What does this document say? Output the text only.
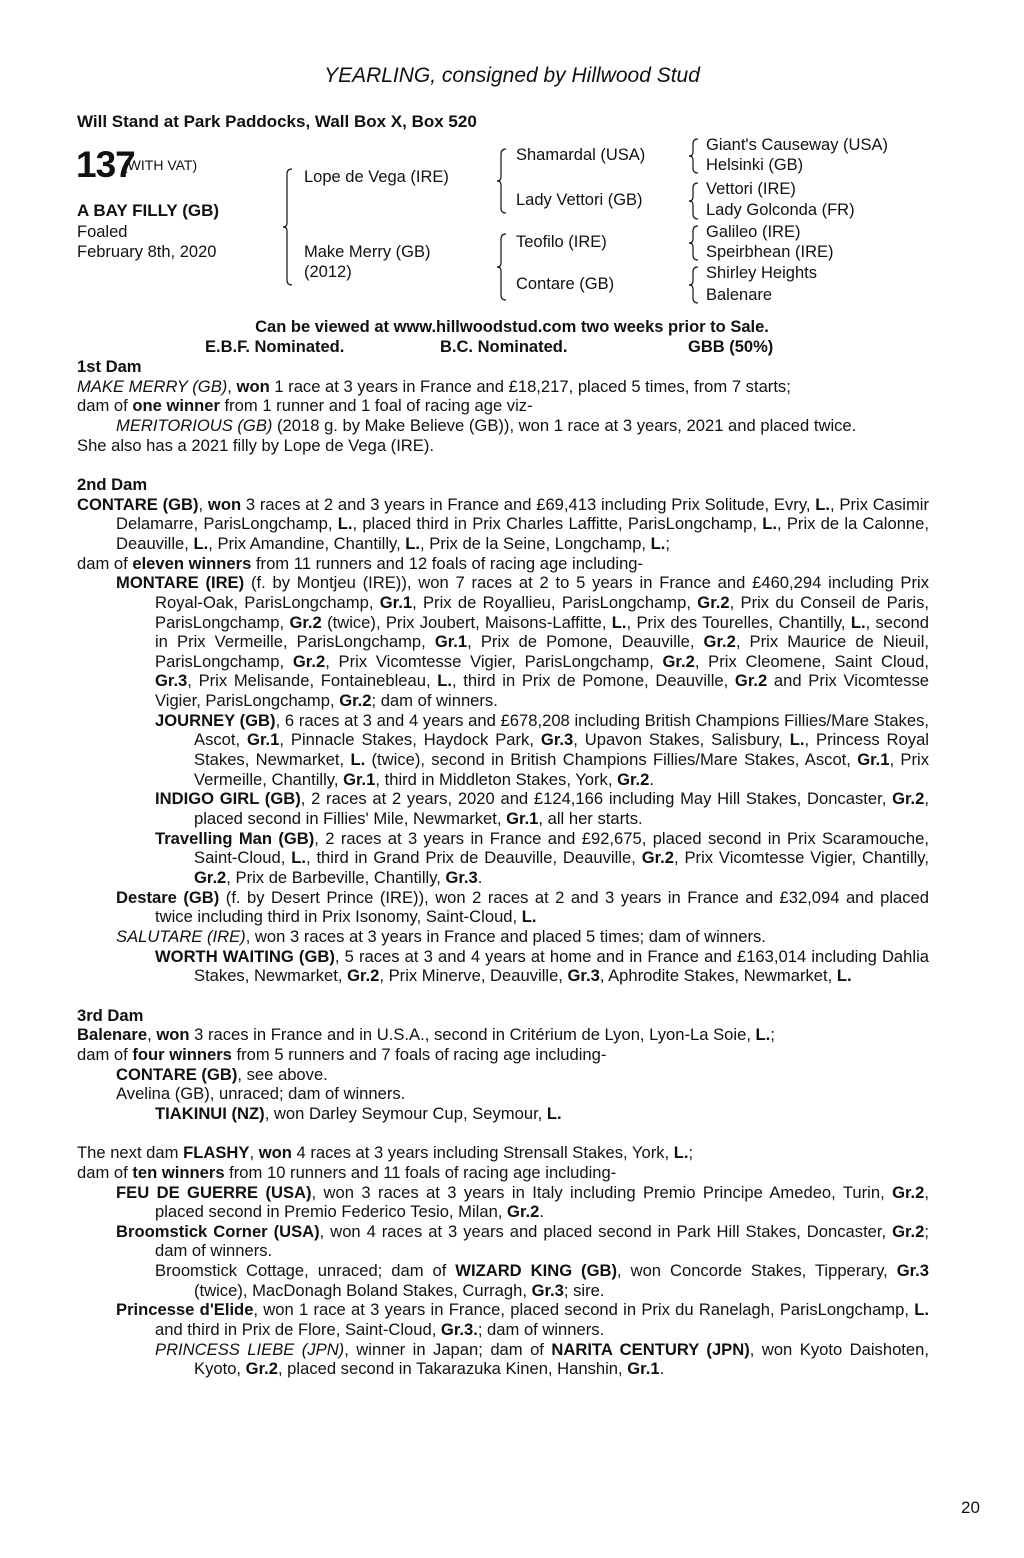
YEARLING, consigned by Hillwood Stud
Will Stand at Park Paddocks, Wall Box X, Box 520
137
(WITH VAT)
A BAY FILLY (GB)
Foaled
February 8th, 2020
Lope de Vega (IRE)
Make Merry (GB)
(2012)
Shamardal (USA)
Lady Vettori (GB)
Teofilo (IRE)
Contare (GB)
Giant's Causeway (USA)
Helsinki (GB)
Vettori (IRE)
Lady Golconda (FR)
Galileo (IRE)
Speirbhean (IRE)
Shirley Heights
Balenare
Can be viewed at www.hillwoodstud.com two weeks prior to Sale.
E.B.F. Nominated.	B.C. Nominated.	GBB (50%)
1st Dam
MAKE MERRY (GB), won 1 race at 3 years in France and £18,217, placed 5 times, from 7 starts;
dam of one winner from 1 runner and 1 foal of racing age viz-
MERITORIOUS (GB) (2018 g. by Make Believe (GB)), won 1 race at 3 years, 2021 and placed twice.
She also has a 2021 filly by Lope de Vega (IRE).
2nd Dam
CONTARE (GB), won 3 races at 2 and 3 years in France and £69,413 including Prix Solitude, Evry, L., Prix Casimir Delamarre, ParisLongchamp, L., placed third in Prix Charles Laffitte, ParisLongchamp, L., Prix de la Calonne, Deauville, L., Prix Amandine, Chantilly, L., Prix de la Seine, Longchamp, L.;
dam of eleven winners from 11 runners and 12 foals of racing age including-
MONTARE (IRE) (f. by Montjeu (IRE)), won 7 races at 2 to 5 years in France and £460,294 including Prix Royal-Oak, ParisLongchamp, Gr.1, Prix de Royallieu, ParisLongchamp, Gr.2, Prix du Conseil de Paris, ParisLongchamp, Gr.2 (twice), Prix Joubert, Maisons-Laffitte, L., Prix des Tourelles, Chantilly, L., second in Prix Vermeille, ParisLongchamp, Gr.1, Prix de Pomone, Deauville, Gr.2, Prix Maurice de Nieuil, ParisLongchamp, Gr.2, Prix Vicomtesse Vigier, ParisLongchamp, Gr.2, Prix Cleomene, Saint Cloud, Gr.3, Prix Melisande, Fontainebleau, L., third in Prix de Pomone, Deauville, Gr.2 and Prix Vicomtesse Vigier, ParisLongchamp, Gr.2; dam of winners.
JOURNEY (GB), 6 races at 3 and 4 years and £678,208 including British Champions Fillies/Mare Stakes, Ascot, Gr.1, Pinnacle Stakes, Haydock Park, Gr.3, Upavon Stakes, Salisbury, L., Princess Royal Stakes, Newmarket, L. (twice), second in British Champions Fillies/Mare Stakes, Ascot, Gr.1, Prix Vermeille, Chantilly, Gr.1, third in Middleton Stakes, York, Gr.2.
INDIGO GIRL (GB), 2 races at 2 years, 2020 and £124,166 including May Hill Stakes, Doncaster, Gr.2, placed second in Fillies' Mile, Newmarket, Gr.1, all her starts.
Travelling Man (GB), 2 races at 3 years in France and £92,675, placed second in Prix Scaramouche, Saint-Cloud, L., third in Grand Prix de Deauville, Deauville, Gr.2, Prix Vicomtesse Vigier, Chantilly, Gr.2, Prix de Barbeville, Chantilly, Gr.3.
Destare (GB) (f. by Desert Prince (IRE)), won 2 races at 2 and 3 years in France and £32,094 and placed twice including third in Prix Isonomy, Saint-Cloud, L.
SALUTARE (IRE), won 3 races at 3 years in France and placed 5 times; dam of winners.
WORTH WAITING (GB), 5 races at 3 and 4 years at home and in France and £163,014 including Dahlia Stakes, Newmarket, Gr.2, Prix Minerve, Deauville, Gr.3, Aphrodite Stakes, Newmarket, L.
3rd Dam
Balenare, won 3 races in France and in U.S.A., second in Critérium de Lyon, Lyon-La Soie, L.;
dam of four winners from 5 runners and 7 foals of racing age including-
CONTARE (GB), see above.
Avelina (GB), unraced; dam of winners.
TIAKINUI (NZ), won Darley Seymour Cup, Seymour, L.
The next dam FLASHY, won 4 races at 3 years including Strensall Stakes, York, L.;
dam of ten winners from 10 runners and 11 foals of racing age including-
FEU DE GUERRE (USA), won 3 races at 3 years in Italy including Premio Principe Amedeo, Turin, Gr.2, placed second in Premio Federico Tesio, Milan, Gr.2.
Broomstick Corner (USA), won 4 races at 3 years and placed second in Park Hill Stakes, Doncaster, Gr.2; dam of winners.
Broomstick Cottage, unraced; dam of WIZARD KING (GB), won Concorde Stakes, Tipperary, Gr.3 (twice), MacDonagh Boland Stakes, Curragh, Gr.3; sire.
Princesse d'Elide, won 1 race at 3 years in France, placed second in Prix du Ranelagh, ParisLongchamp, L. and third in Prix de Flore, Saint-Cloud, Gr.3.; dam of winners.
PRINCESS LIEBE (JPN), winner in Japan; dam of NARITA CENTURY (JPN), won Kyoto Daishoten, Kyoto, Gr.2, placed second in Takarazuka Kinen, Hanshin, Gr.1.
20
